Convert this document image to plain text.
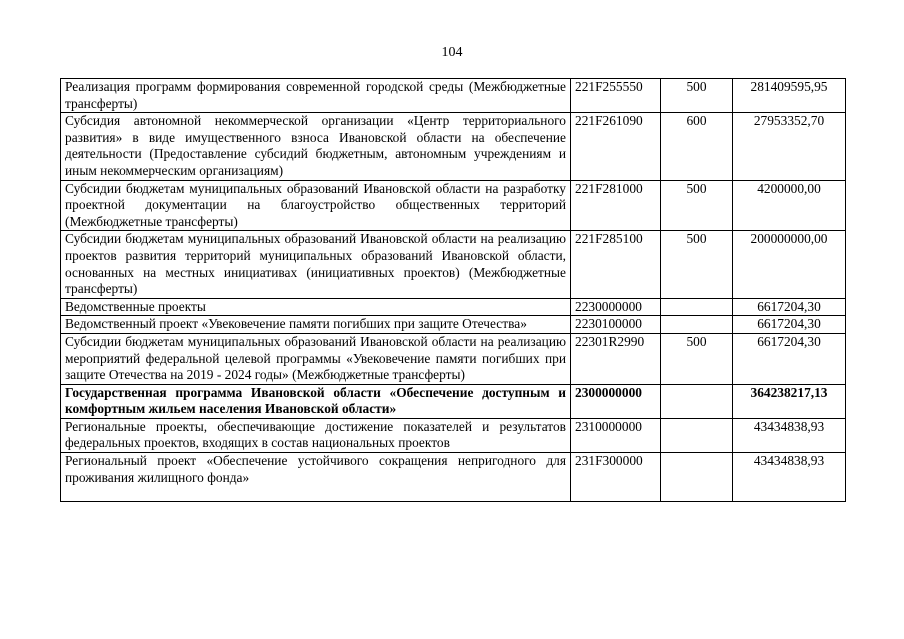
104
Реализация программ формирования современной городской среды (Межбюджетные трансферты)	221F255550	500	281409595,95
Субсидия автономной некоммерческой организации «Центр территориального развития» в виде имущественного взноса Ивановской области на обеспечение деятельности (Предоставление субсидий бюджетным, автономным учреждениям и иным некоммерческим организациям)	221F261090	600	27953352,70
Субсидии бюджетам муниципальных образований Ивановской области на разработку проектной документации на благоустройство общественных территорий (Межбюджетные трансферты)	221F281000	500	4200000,00
Субсидии бюджетам муниципальных образований Ивановской области на реализацию проектов развития территорий муниципальных образований Ивановской области, основанных на местных инициативах (инициативных проектов) (Межбюджетные трансферты)	221F285100	500	200000000,00
Ведомственные проекты	2230000000		6617204,30
Ведомственный проект «Увековечение памяти погибших при защите Отечества»	2230100000		6617204,30
Субсидии бюджетам муниципальных образований Ивановской области на реализацию мероприятий федеральной целевой программы «Увековечение памяти погибших при защите Отечества на 2019 - 2024 годы» (Межбюджетные трансферты)	22301R2990	500	6617204,30
Государственная программа Ивановской области «Обеспечение доступным и комфортным жильем населения Ивановской области»	2300000000		364238217,13
Региональные проекты, обеспечивающие достижение показателей и результатов федеральных проектов, входящих в состав национальных проектов	2310000000		43434838,93
Региональный проект «Обеспечение устойчивого сокращения непригодного для проживания жилищного фонда»	231F300000		43434838,93
